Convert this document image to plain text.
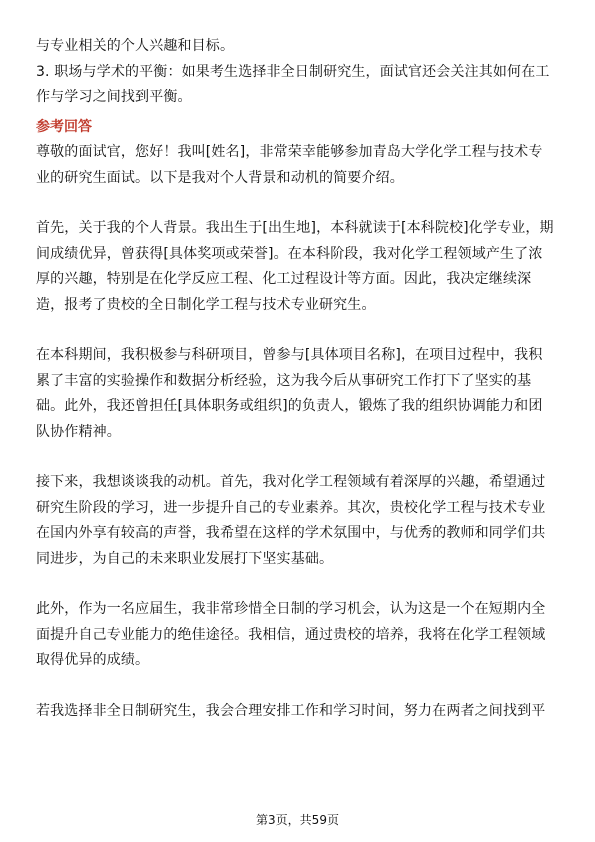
与专业相关的个人兴趣和目标。
3. 职场与学术的平衡：如果考生选择非全日制研究生，面试官还会关注其如何在工
作与学习之间找到平衡。
参考回答
尊敬的面试官，您好！我叫[姓名]，非常荣幸能够参加青岛大学化学工程与技术专
业的研究生面试。以下是我对个人背景和动机的简要介绍。
首先，关于我的个人背景。我出生于[出生地]，本科就读于[本科院校]化学专业，期
间成绩优异，曾获得[具体奖项或荣誉]。在本科阶段，我对化学工程领域产生了浓
厚的兴趣，特别是在化学反应工程、化工过程设计等方面。因此，我决定继续深
造，报考了贵校的全日制化学工程与技术专业研究生。
在本科期间，我积极参与科研项目，曾参与[具体项目名称]，在项目过程中，我积
累了丰富的实验操作和数据分析经验，这为我今后从事研究工作打下了坚实的基
础。此外，我还曾担任[具体职务或组织]的负责人，锻炼了我的组织协调能力和团
队协作精神。
接下来，我想谈谈我的动机。首先，我对化学工程领域有着深厚的兴趣，希望通过
研究生阶段的学习，进一步提升自己的专业素养。其次，贵校化学工程与技术专业
在国内外享有较高的声誉，我希望在这样的学术氛围中，与优秀的教师和同学们共
同进步，为自己的未来职业发展打下坚实基础。
此外，作为一名应届生，我非常珍惜全日制的学习机会，认为这是一个在短期内全
面提升自己专业能力的绝佳途径。我相信，通过贵校的培养，我将在化学工程领域
取得优异的成绩。
若我选择非全日制研究生，我会合理安排工作和学习时间，努力在两者之间找到平
第3页，共59页
